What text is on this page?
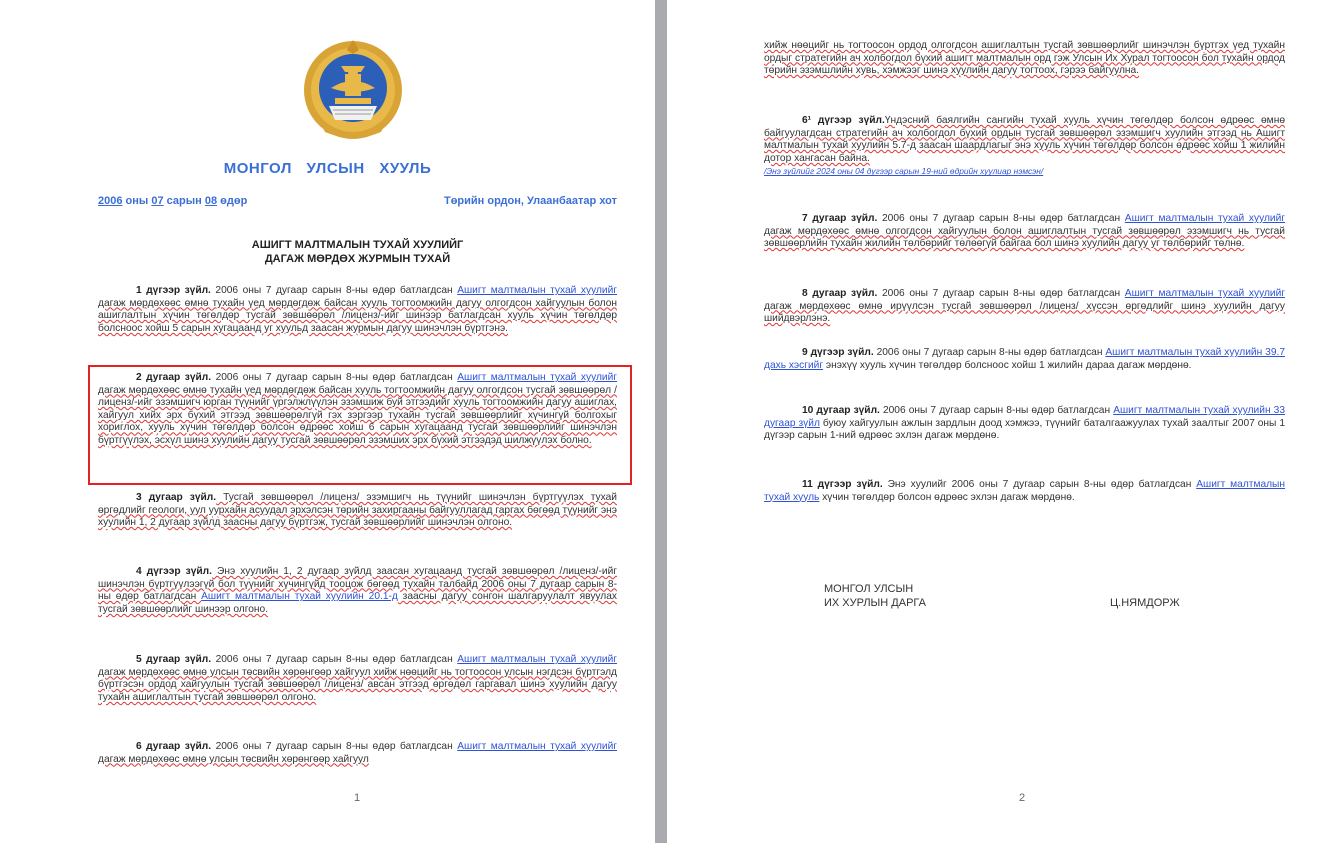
МОНГОЛ УЛСЫН ХУУЛЬ
2006 оны 07 сарын 08 өдөр	Төрийн ордон, Улаанбаатар хот
АШИГТ МАЛТМАЛЫН ТУХАЙ ХУУЛИЙГ
ДАГАЖ МӨРДӨХ ЖУРМЫН ТУХАЙ
1 дүгээр зүйл. 2006 оны 7 дугаар сарын 8-ны өдөр батлагдсан Ашигт малтмалын тухай хуулийг дагаж мөрдөхөөс өмнө тухайн үед мөрдөгдөж байсан хууль тогтоомжийн дагуу олгогдсон хайгуулын болон ашиглалтын хүчин төгөлдөр тусгай зөвшөөрөл /лиценз/-ийг шинээр батлагдсан хууль хүчин төгөлдөр болсноос хойш 5 сарын хугацаанд уг хуульд заасан журмын дагуу шинэчлэн бүртгэнэ.
2 дугаар зүйл. 2006 оны 7 дугаар сарын 8-ны өдөр батлагдсан Ашигт малтмалын тухай хуулийг дагаж мөрдөхөөс өмнө тухайн үед мөрдөгдөж байсан хууль тогтоомжийн дагуу олгогдсон тусгай зөвшөөрөл /лиценз/-ийг эзэмшигч юрган түүнийг үргэлжлүүлэн эзэмшиж буй этгээдийг хууль тогтоомжийн дагуу ашиглах, хайгуул хийх эрх бүхий этгээд зөвшөөрөлгүй гэх зэргээр тухайн тусгай зөвшөөрлийг хүчингүй болгохыг хориглох, хууль хүчин төгөлдөр болсон өдрөөс хойш 6 сарын хугацаанд тусгай зөвшөөрлийг шинэчлэн бүртгүүлэх, эсхүл шинэ хуулийн дагуу тусгай зөвшөөрөл эзэмших эрх бүхий этгээдэд шилжүүлэх болно.
3 дугаар зүйл. Тусгай зөвшөөрөл /лиценз/ эзэмшигч нь түүнийг шинэчлэн бүртгүүлэх тухай өргөдлийг геологи, уул уурхайн асуудал эрхэлсэн төрийн захиргааны байгууллагад гаргах бөгөөд түүнийг энэ хуулийн 1, 2 дугаар зүйлд заасны дагуу бүртгэж, тусгай зөвшөөрлийг шинэчлэн олгоно.
4 дүгээр зүйл. Энэ хуулийн 1, 2 дугаар зүйлд заасан хугацаанд тусгай зөвшөөрөл /лиценз/-ийг шинэчлэн бүртгүүлээгүй бол түүнийг хүчингүйд тооцож бөгөөд тухайн талбайд 2006 оны 7 дугаар сарын 8-ны өдөр батлагдсан Ашигт малтмалын тухай хуулийн 20.1-д заасны дагуу сонгон шалгаруулалт явуулах тусгай зөвшөөрлийг шинээр олгоно.
5 дугаар зүйл. 2006 оны 7 дугаар сарын 8-ны өдөр батлагдсан Ашигт малтмалын тухай хуулийг дагаж мөрдөхөөс өмнө улсын төсвийн хөрөнгөөр хайгуул хийж нөөцийг нь тогтоосон улсын нэгдсэн бүртгэлд бүртгэсэн ордод хайгуулын тусгай зөвшөөрөл /лиценз/ авсан этгээд өргөдөл гаргавал шинэ хуулийн дагуу тухайн ашиглалтын тусгай зөвшөөрөл олгоно.
6 дугаар зүйл. 2006 оны 7 дугаар сарын 8-ны өдөр батлагдсан Ашигт малтмалын тухай хуулийг дагаж мөрдөхөөс өмнө улсын төсвийн хөрөнгөөр хайгуул
1
хийж нөөцийг нь тогтоосон ордод олгогдсон ашиглалтын тусгай зөвшөөрлийг шинэчлэн бүртгэх үед тухайн ордыг стратегийн ач холбогдол бүхий ашигт малтмалын орд гэж Улсын Их Хурал тогтоосон бол тухайн ордод төрийн эзэмшлийн хувь, хэмжээг шинэ хуулийн дагуу тогтоох, гэрээ байгуулна.
6¹ дүгээр зүйл.Үндэсний баялгийн сангийн тухай хууль хүчин төгөлдөр болсон өдрөөс өмнө байгуулагдсан стратегийн ач холбогдол бүхий ордын тусгай зөвшөөрөл эзэмшигч хуулийн этгээд нь Ашигт малтмалын тухай хуулийн 5.7-д заасан шаардлагыг энэ хууль хүчин төгөлдөр болсон өдрөөс хойш 1 жилийн дотор хангасан байна.
/Энэ зүйлийг 2024 оны 04 дүгээр сарын 19-ний өдрийн хуулиар нэмсэн/
7 дугаар зүйл. 2006 оны 7 дугаар сарын 8-ны өдөр батлагдсан Ашигт малтмалын тухай хуулийг дагаж мөрдөхөөс өмнө олгогдсон хайгуулын болон ашиглалтын тусгай зөвшөөрөл эзэмшигч нь тусгай зөвшөөрлийн тухайн жилийн төлбөрийг төлөөгүй байгаа бол шинэ хуулийн дагуу уг төлбөрийг төлнө.
8 дугаар зүйл. 2006 оны 7 дугаар сарын 8-ны өдөр батлагдсан Ашигт малтмалын тухай хуулийг дагаж мөрдөхөөс өмнө ирүүлсэн тусгай зөвшөөрөл /лиценз/ хүссэн өргөдлийг шинэ хуулийн дагуу шийдвэрлэнэ.
9 дүгээр зүйл. 2006 оны 7 дугаар сарын 8-ны өдөр батлагдсан Ашигт малтмалын тухай хуулийн 39.7 дахь хэсгийг энэхүү хууль хүчин төгөлдөр болсноос хойш 1 жилийн дараа дагаж мөрдөнө.
10 дугаар зүйл. 2006 оны 7 дугаар сарын 8-ны өдөр батлагдсан Ашигт малтмалын тухай хуулийн 33 дугаар зүйл буюу хайгуулын ажлын зардлын доод хэмжээ, түүнийг баталгаажуулах тухай заалтыг 2007 оны 1 дүгээр сарын 1-ний өдрөөс эхлэн дагаж мөрдөнө.
11 дүгээр зүйл. Энэ хуулийг 2006 оны 7 дугаар сарын 8-ны өдөр батлагдсан Ашигт малтмалын тухай хууль хүчин төгөлдөр болсон өдрөөс эхлэн дагаж мөрдөнө.
МОНГОЛ УЛСЫН
ИХ ХУРЛЫН ДАРГА	Ц.НЯМДОРЖ
2
